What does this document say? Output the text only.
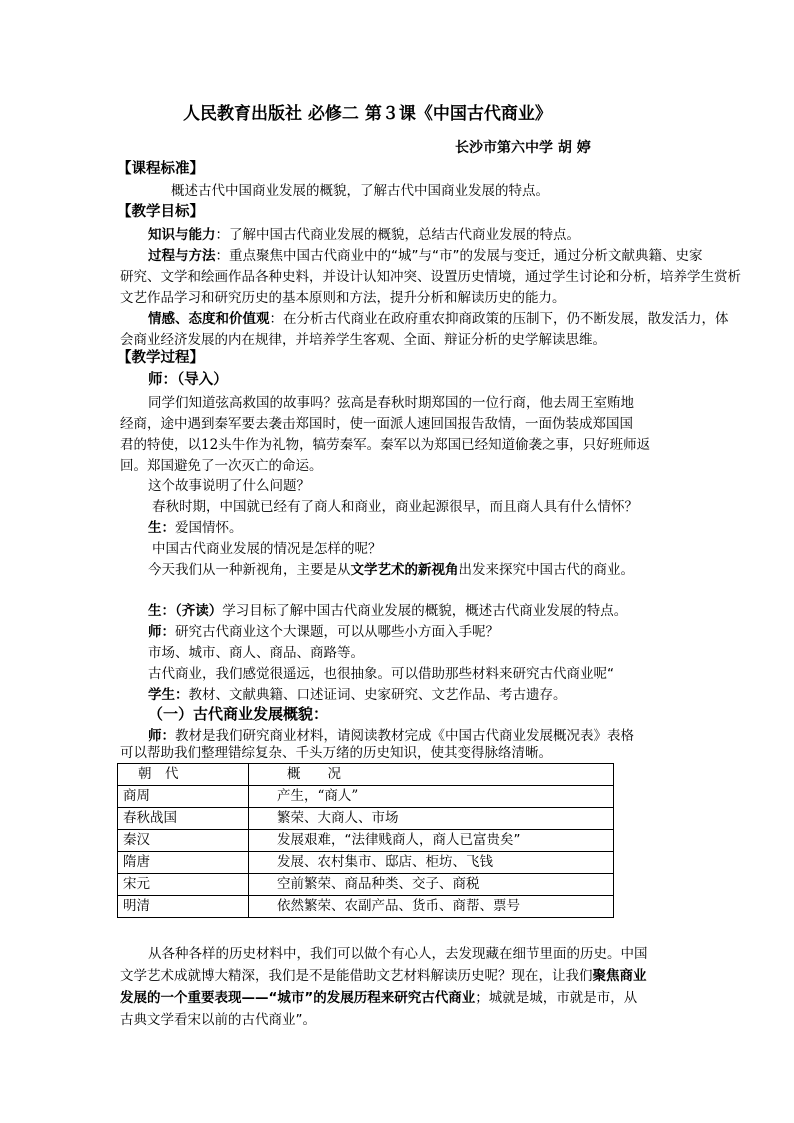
人民教育出版社 必修二 第３课《中国古代商业》
长沙市第六中学 胡 婷
【课程标准】
概述古代中国商业发展的概貌，了解古代中国商业发展的特点。
【教学目标】
知识与能力：了解中国古代商业发展的概貌，总结古代商业发展的特点。
过程与方法：重点聚焦中国古代商业中的“城”与“市”的发展与变迁，通过分析文献典籍、史家
研究、文学和绘画作品各种史料，并设计认知冲突、设置历史情境，通过学生讨论和分析，培养学生赏析
文艺作品学习和研究历史的基本原则和方法，提升分析和解读历史的能力。
情感、态度和价值观：在分析古代商业在政府重农抑商政策的压制下，仍不断发展，散发活力，体
会商业经济发展的内在规律，并培养学生客观、全面、辩证分析的史学解读思维。
【教学过程】
师：（导入）
同学们知道弦高救国的故事吗？弦高是春秋时期郑国的一位行商，他去周王室贿地
经商，途中遇到秦军要去袭击郑国时，使一面派人速回国报告敌情，一面伪装成郑国国
君的特使，以12头牛作为礼物，犒劳秦军。秦军以为郑国已经知道偷袭之事，只好班师返
回。郑国避免了一次灭亡的命运。
这个故事说明了什么问题？
春秋时期，中国就已经有了商人和商业，商业起源很早，而且商人具有什么情怀？
生：爱国情怀。
中国古代商业发展的情况是怎样的呢？
今天我们从一种新视角，主要是从文学艺术的新视角出发来探究中国古代的商业。
生：（齐读）学习目标了解中国古代商业发展的概貌，概述古代商业发展的特点。
师：研究古代商业这个大课题，可以从哪些小方面入手呢？
市场、城市、商人、商品、商路等。
古代商业，我们感觉很遥远，也很抽象。可以借助那些材料来研究古代商业呢“
学生：教材、文献典籍、口述证词、史家研究、文艺作品、考古遗存。
（一）古代商业发展概貌：
师：教材是我们研究商业材料，请阅读教材完成《中国古代商业发展概况表》表格
可以帮助我们整理错综复杂、千头万绪的历史知识，使其变得脉络清晰。
朝　代	概　　况
商周	产生，“商人”
春秋战国	繁荣、大商人、市场
秦汉	发展艰难，“法律贱商人，商人已富贵矣”
隋唐	发展、农村集市、邸店、柜坊、飞钱
宋元	空前繁荣、商品种类、交子、商税
明清	依然繁荣、农副产品、货币、商帮、票号
从各种各样的历史材料中，我们可以做个有心人，去发现藏在细节里面的历史。中国
文学艺术成就博大精深，我们是不是能借助文艺材料解读历史呢？现在，让我们聚焦商业
发展的一个重要表现——“城市”的发展历程来研究古代商业；城就是城，市就是市，从
古典文学看宋以前的古代商业”。
